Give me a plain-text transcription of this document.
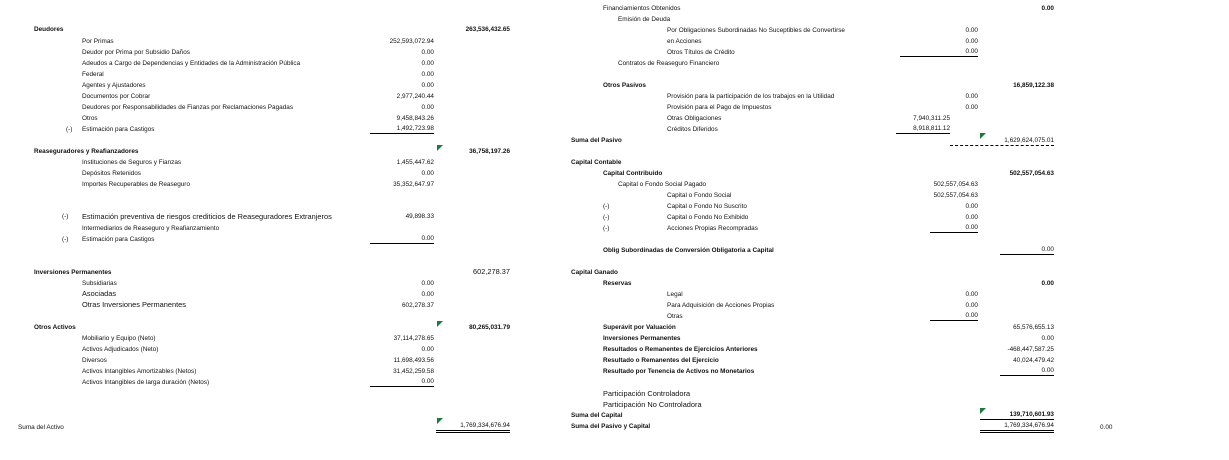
Deudores	263,536,432.65
Por Primas	252,593,072.94
Deudor por Prima por Subsidio Daños	0.00
Adeudos a Cargo de Dependencias y Entidades de la Administración Pública	0.00
Federal	0.00
Agentes y Ajustadores	0.00
Documentos por Cobrar	2,977,240.44
Deudores por Responsabilidades de Fianzas por Reclamaciones Pagadas	0.00
Otros	9,458,843.26
(-) Estimación para Castigos	1,492,723.98
Reaseguradores y Reafianzadores	36,758,197.26
Instituciones de Seguros y Fianzas	1,455,447.62
Depósitos Retenidos	0.00
Importes Recuperables de Reaseguro	35,352,647.97
(-) Estimación preventiva de riesgos crediticios de Reaseguradores Extranjeros	49,898.33
Intermediarios de Reaseguro y Reafianzamiento
(-) Estimación para Castigos	0.00
Inversiones Permanentes	602,278.37
Subsidiarias	0.00
Asociadas	0.00
Otras Inversiones Permanentes	602,278.37
Otros Activos	80,265,031.79
Mobiliario y Equipo (Neto)	37,114,278.65
Activos Adjudicados (Neto)	0.00
Diversos	11,698,493.56
Activos Intangibles Amortizables (Netos)	31,452,259.58
Activos Intangibles de larga duración (Netos)	0.00
Suma del Activo	1,769,334,676.94
Financiamientos Obtenidos	0.00
Emisión de Deuda
Por Obligaciones Subordinadas No Suceptibles de Convertirse	0.00
en Acciones	0.00
Otros Títulos de Crédito	0.00
Contratos de Reaseguro Financiero
Otros Pasivos	16,859,122.38
Provisión para la participación de los trabajos en la Utilidad	0.00
Provisión para el Pago de Impuestos	0.00
Otras Obligaciones	7,940,311.25
Créditos Diferidos	8,918,811.12
Suma del Pasivo	1,629,624,075.01
Capital Contable
Capital Contribuido	502,557,054.63
Capital o Fondo Social Pagado	502,557,054.63
Capital o Fondo Social	502,557,054.63
(-)	Capital o Fondo No Suscrito	0.00
(-)	Capital o Fondo No Exhibido	0.00
(-)	Acciones Propias Recompradas	0.00
Oblig Subordinadas de Conversión Obligatoria a Capital	0.00
Capital Ganado
Reservas	0.00
Legal	0.00
Para Adquisición de Acciones Propias	0.00
Otras	0.00
Superávit por Valuación	65,576,655.13
Inversiones Permanentes	0.00
Resultados o Remanentes de Ejercicios Anteriores	-468,447,587.25
Resultado o Remanentes del Ejercicio	40,024,479.42
Resultado por Tenencia de Activos no Monetarios	0.00
Participación Controladora
Participación No Controladora
Suma del Capital	139,710,601.93
Suma del Pasivo y Capital	1,769,334,676.94	0.00
